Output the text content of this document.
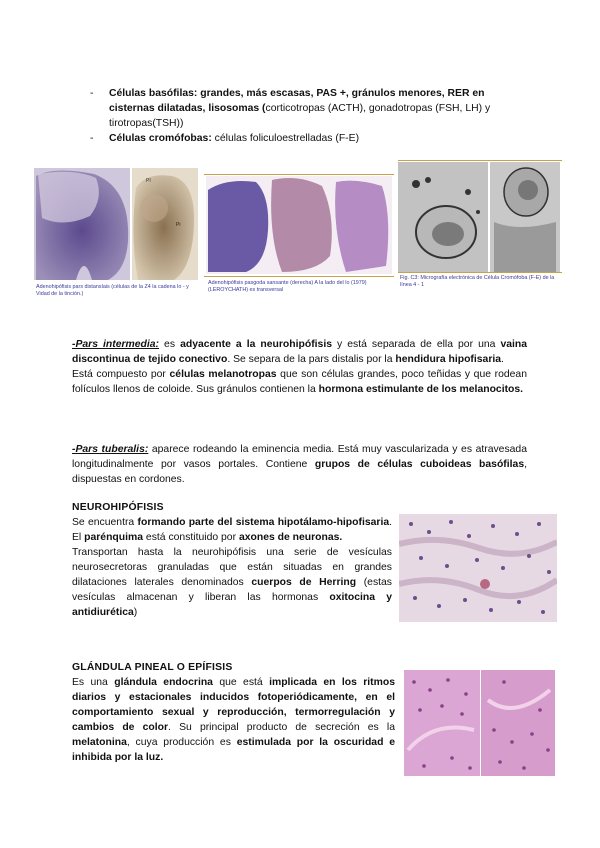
- Células basófilas: grandes, más escasas, PAS +, gránulos menores, RER en cisternas dilatadas, lisosomas (corticotropas (ACTH), gonadotropas (FSH, LH) y tirotropas(TSH))
- Células cromófobas: células foliculoestrelladas (F-E)
PI
Pi
Adenohipófisis pars distanslais (células de la Z4 la cadena lo - y Vidad de la tinción.)
Adenohipófisis pasgoda sansante (derecha) A la lado del lo (1979) (LEROYCHATH) es transversal
Fig. C3: Micrografía electrónica de Célula Cromófoba (F-E) de la línea 4 - 1

-Pars intermedia: es adyacente a la neurohipófisis y está separada de ella por una vaina discontinua de tejido conectivo. Se separa de la pars distalis por la hendidura hipofisaria.

Está compuesto por células melanotropas que son células grandes, poco teñidas y que rodean folículos llenos de coloide. Sus gránulos contienen la hormona estimulante de los melanocitos.

-Pars tuberalis: aparece rodeando la eminencia media. Está muy vascularizada y es atravesada longitudinalmente por vasos portales. Contiene grupos de células cuboideas basófilas, dispuestas en cordones.

NEUROHIPÓFISIS

Se encuentra formando parte del sistema hipotálamo-hipofisaria. El parénquima está constituido por axones de neuronas.

Transportan hasta la neurohipófisis una serie de vesículas neurosecretoras granuladas que están situadas en grandes dilataciones laterales denominados cuerpos de Herring (estas vesículas almacenan y liberan las hormonas oxitocina y antidiurética)

GLÁNDULA PINEAL O EPÍFISIS

Es una glándula endocrina que está implicada en los ritmos diarios y estacionales inducidos fotoperiódicamente, en el comportamiento sexual y reproducción, termorregulación y cambios de color. Su principal producto de secreción es la melatonina, cuya producción es estimulada por la oscuridad e inhibida por la luz.
